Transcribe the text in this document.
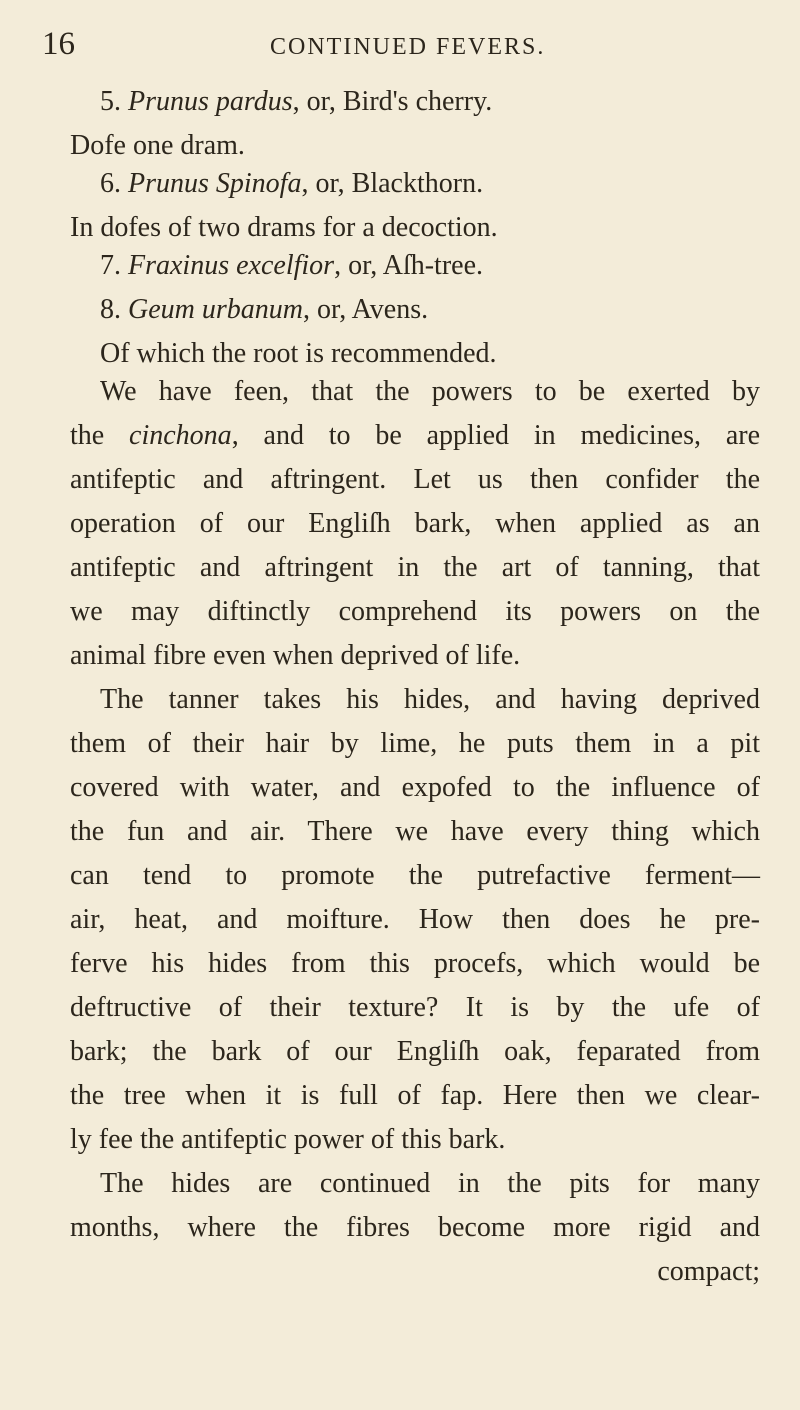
16	CONTINUED FEVERS.
5. Prunus pardus, or, Bird's cherry.
Dofe one dram.
6. Prunus Spinofa, or, Blackthorn.
In dofes of two drams for a decoction.
7. Fraxinus excelfior, or, Aſh-tree.
8. Geum urbanum, or, Avens.
Of which the root is recommended.
We have feen, that the powers to be exerted by
the cinchona, and to be applied in medicines, are
antifeptic and aftringent. Let us then confider the
operation of our Engliſh bark, when applied as an
antifeptic and aftringent in the art of tanning, that
we may diftinctly comprehend its powers on the
animal fibre even when deprived of life.
The tanner takes his hides, and having deprived
them of their hair by lime, he puts them in a pit
covered with water, and expofed to the influence of
the fun and air. There we have every thing which
can tend to promote the putrefactive ferment—
air, heat, and moifture. How then does he pre-
ferve his hides from this procefs, which would be
deftructive of their texture? It is by the ufe of
bark; the bark of our Engliſh oak, feparated from
the tree when it is full of fap. Here then we clear-
ly fee the antifeptic power of this bark.
The hides are continued in the pits for many
months, where the fibres become more rigid and
compact;
